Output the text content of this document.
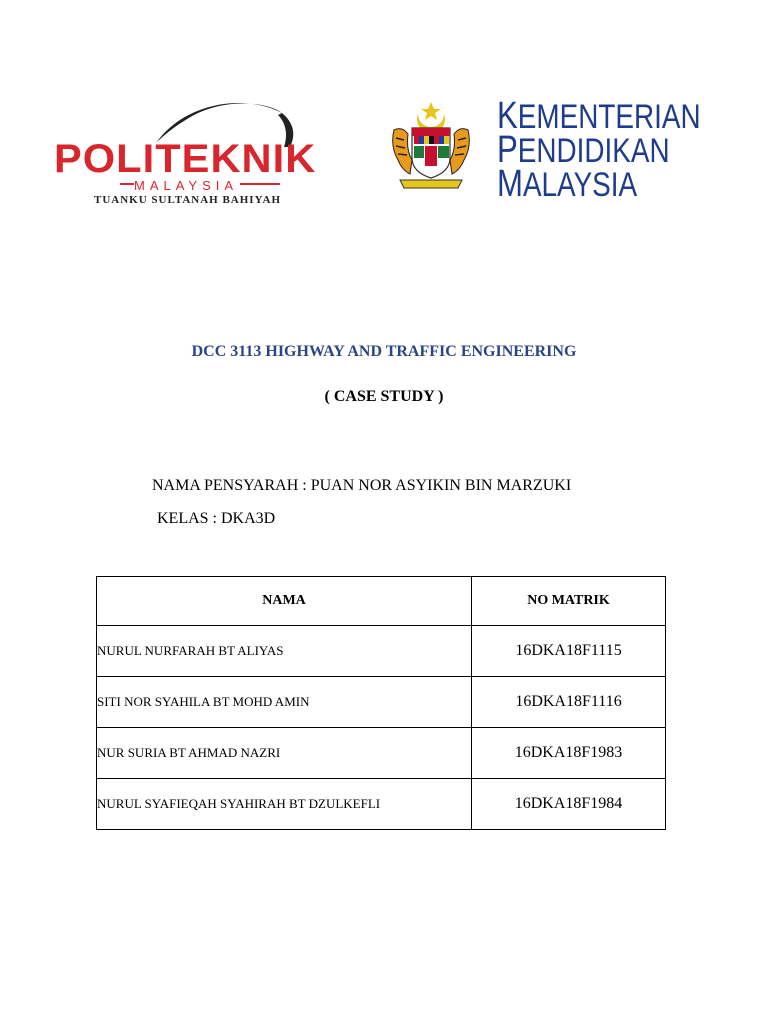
POLITEKNIK
MALAYSIA
TUANKU SULTANAH BAHIYAH
KEMENTERIAN
PENDIDIKAN
MALAYSIA
DCC 3113 HIGHWAY AND TRAFFIC ENGINEERING
( CASE STUDY )
NAMA PENSYARAH : PUAN NOR ASYIKIN BIN MARZUKI
KELAS : DKA3D
NAMA	NO MATRIK
NURUL NURFARAH BT ALIYAS	16DKA18F1115
SITI NOR SYAHILA BT MOHD AMIN	16DKA18F1116
NUR SURIA BT AHMAD NAZRI	16DKA18F1983
NURUL SYAFIEQAH SYAHIRAH BT DZULKEFLI	16DKA18F1984
